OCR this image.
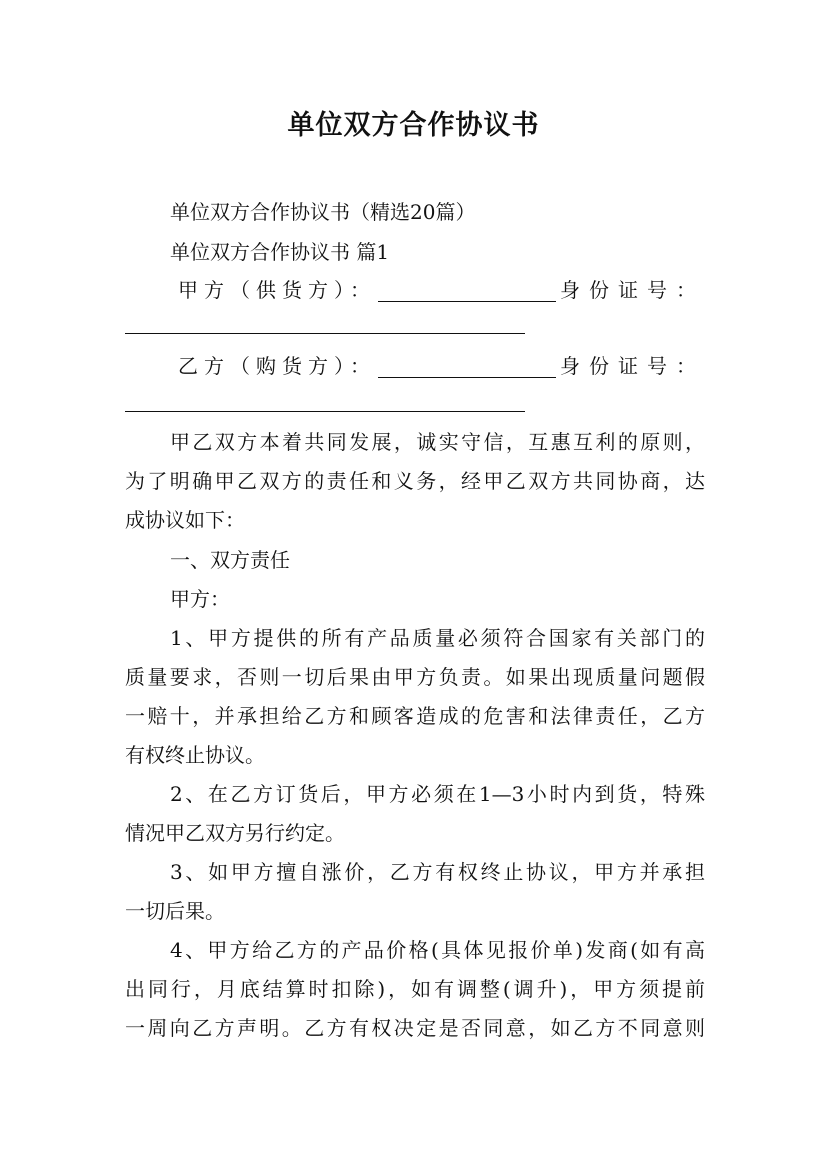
单位双方合作协议书
单位双方合作协议书（精选20篇）
单位双方合作协议书 篇1
甲方（供货方）：	身份证号：
乙方（购货方）：	身份证号：
甲乙双方本着共同发展，诚实守信，互惠互利的原则，
为了明确甲乙双方的责任和义务，经甲乙双方共同协商，达
成协议如下：
一、双方责任
甲方：
1、甲方提供的所有产品质量必须符合国家有关部门的
质量要求，否则一切后果由甲方负责。如果出现质量问题假
一赔十，并承担给乙方和顾客造成的危害和法律责任，乙方
有权终止协议。
2、在乙方订货后，甲方必须在1—3小时内到货，特殊
情况甲乙双方另行约定。
3、如甲方擅自涨价，乙方有权终止协议，甲方并承担
一切后果。
4、甲方给乙方的产品价格(具体见报价单)发商(如有高
出同行，月底结算时扣除)，如有调整(调升)，甲方须提前
一周向乙方声明。乙方有权决定是否同意，如乙方不同意则
